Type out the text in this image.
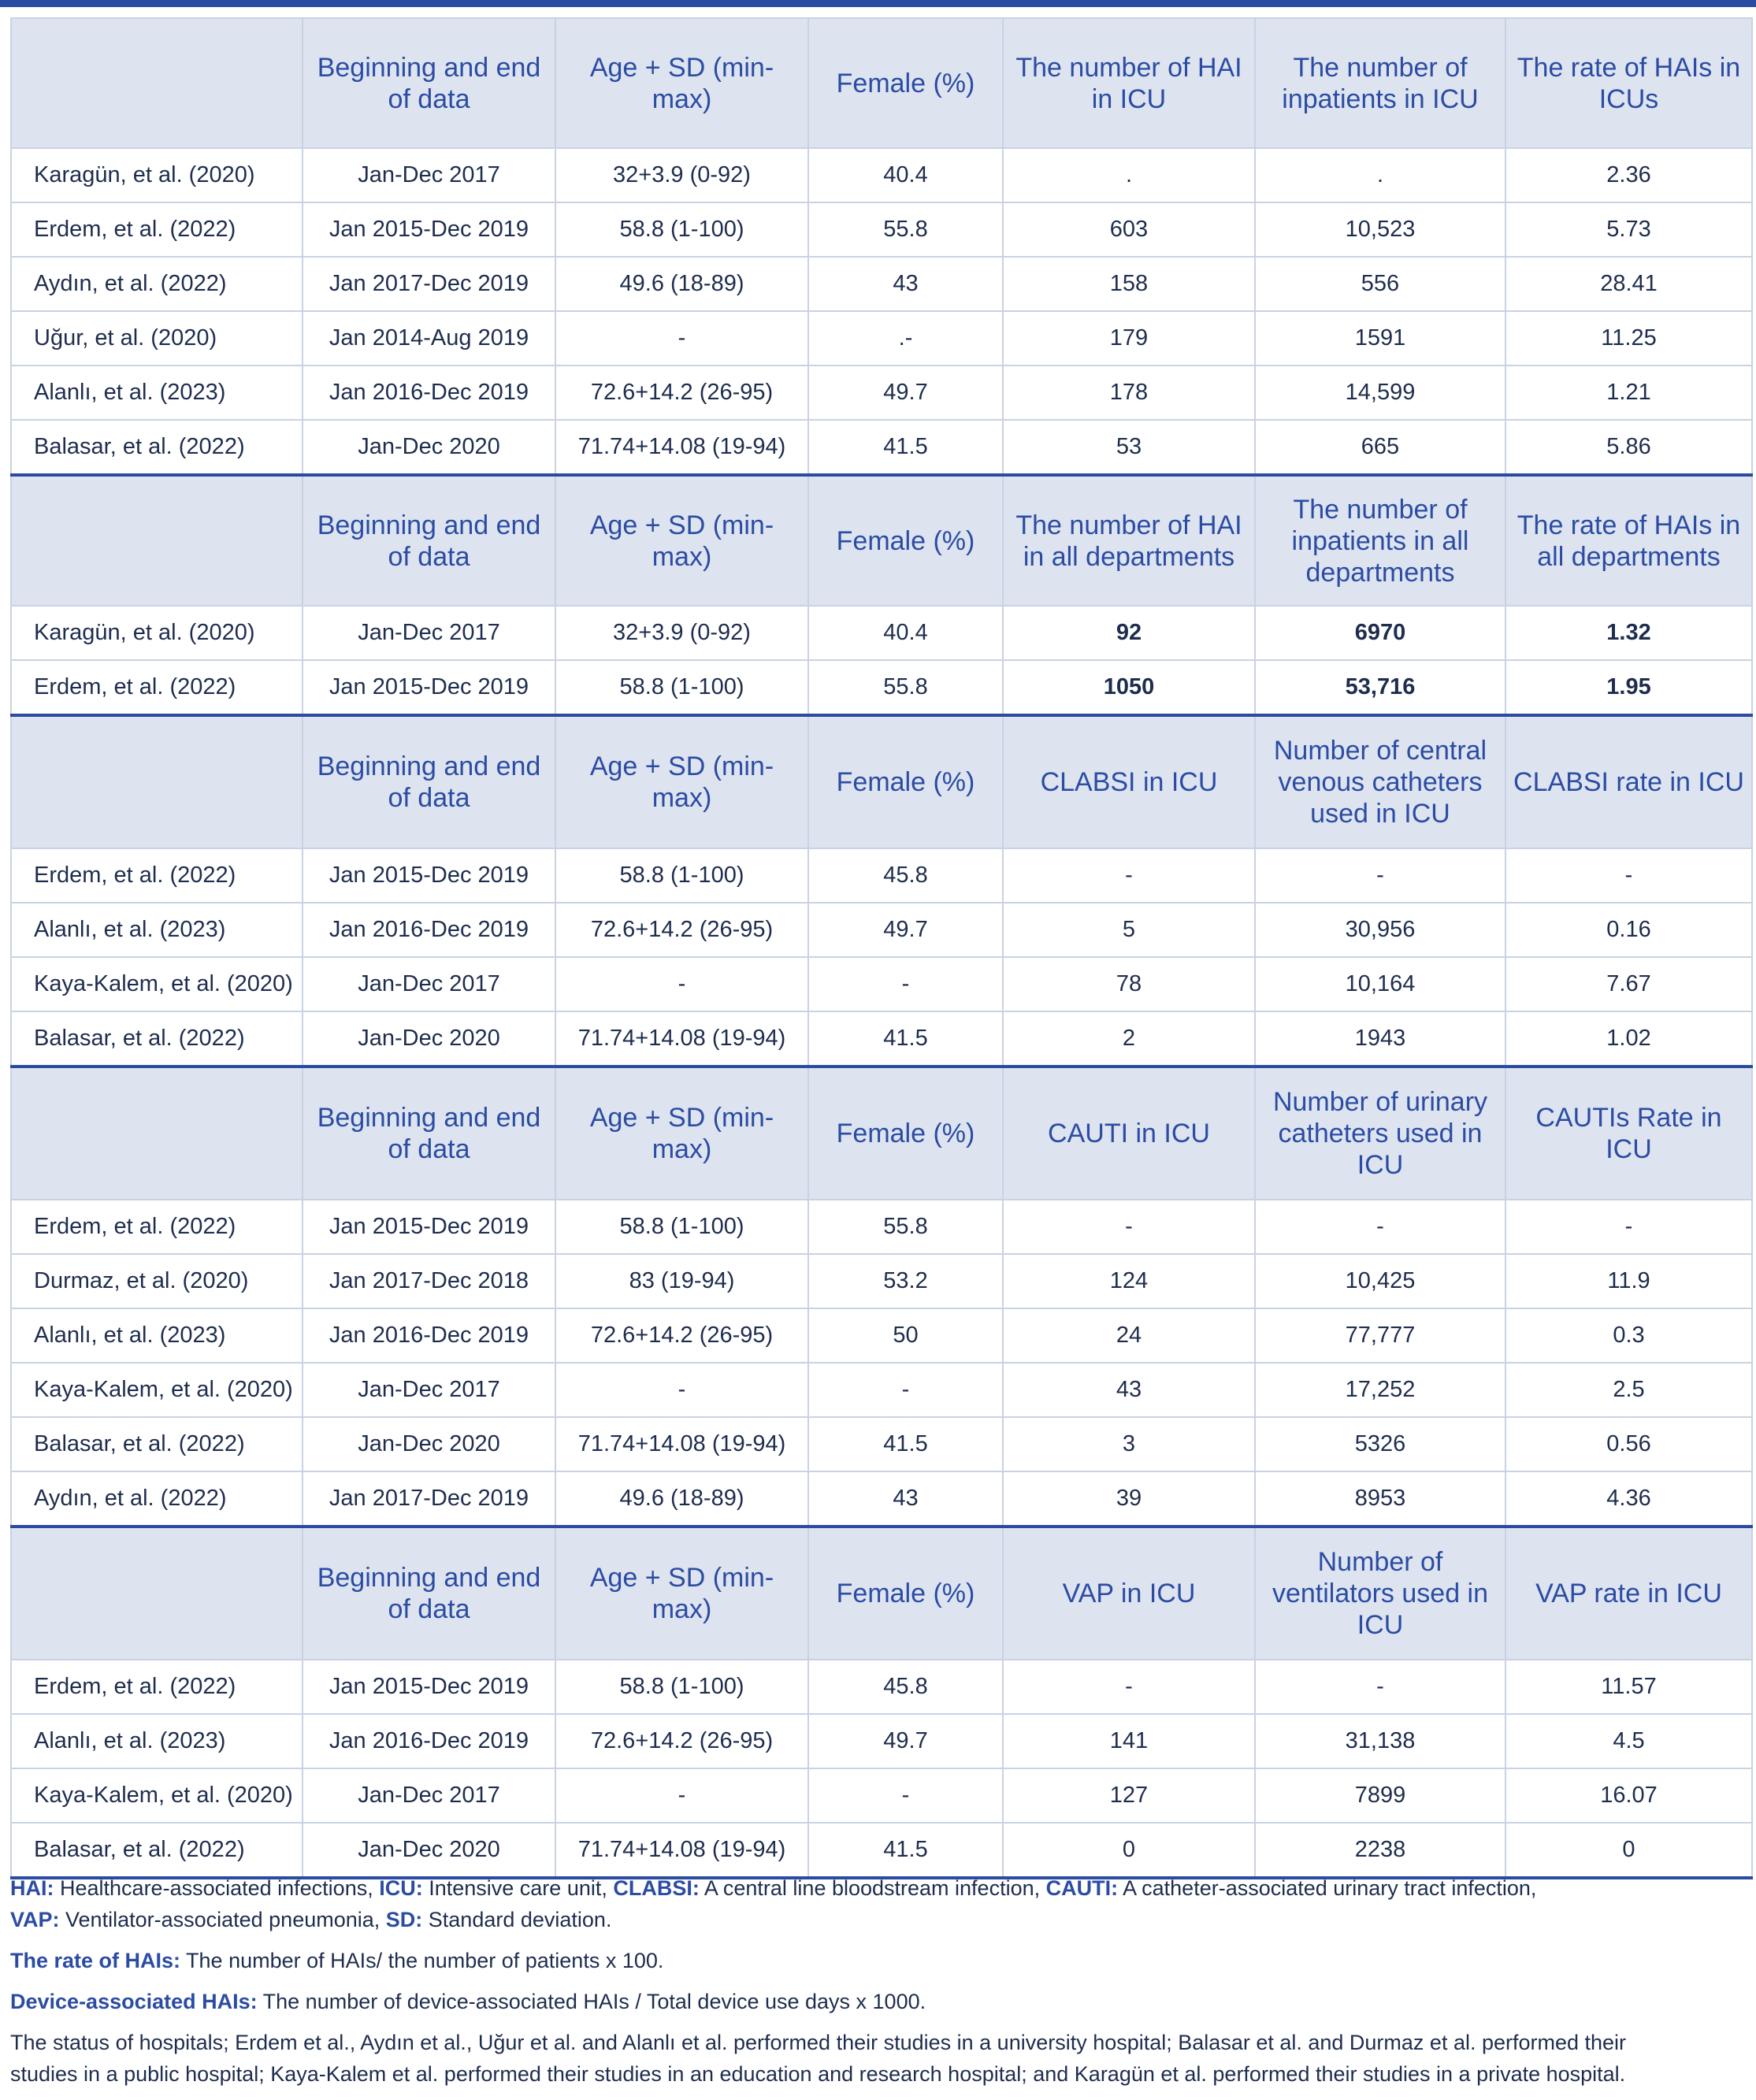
	Beginning and end of data	Age + SD (min-max)	Female (%)	The number of HAI in ICU	The number of inpatients in ICU	The rate of HAIs in ICUs
Karagün, et al. (2020)	Jan-Dec 2017	32+3.9 (0-92)	40.4	.	.	2.36
Erdem, et al. (2022)	Jan 2015-Dec 2019	58.8 (1-100)	55.8	603	10,523	5.73
Aydın, et al. (2022)	Jan 2017-Dec 2019	49.6 (18-89)	43	158	556	28.41
Uğur, et al. (2020)	Jan 2014-Aug 2019	-	.-	179	1591	11.25
Alanlı, et al. (2023)	Jan 2016-Dec 2019	72.6+14.2 (26-95)	49.7	178	14,599	1.21
Balasar, et al. (2022)	Jan-Dec 2020	71.74+14.08 (19-94)	41.5	53	665	5.86
	Beginning and end of data	Age + SD (min-max)	Female (%)	The number of HAI in all departments	The number of inpatients in all departments	The rate of HAIs in all departments
Karagün, et al. (2020)	Jan-Dec 2017	32+3.9 (0-92)	40.4	92	6970	1.32
Erdem, et al. (2022)	Jan 2015-Dec 2019	58.8 (1-100)	55.8	1050	53,716	1.95
	Beginning and end of data	Age + SD (min-max)	Female (%)	CLABSI in ICU	Number of central venous catheters used in ICU	CLABSI rate in ICU
Erdem, et al. (2022)	Jan 2015-Dec 2019	58.8 (1-100)	45.8	-	-	-
Alanlı, et al. (2023)	Jan 2016-Dec 2019	72.6+14.2 (26-95)	49.7	5	30,956	0.16
Kaya-Kalem, et al. (2020)	Jan-Dec 2017	-	-	78	10,164	7.67
Balasar, et al. (2022)	Jan-Dec 2020	71.74+14.08 (19-94)	41.5	2	1943	1.02
	Beginning and end of data	Age + SD (min-max)	Female (%)	CAUTI in ICU	Number of urinary catheters used in ICU	CAUTIs Rate in ICU
Erdem, et al. (2022)	Jan 2015-Dec 2019	58.8 (1-100)	55.8	-	-	-
Durmaz, et al. (2020)	Jan 2017-Dec 2018	83 (19-94)	53.2	124	10,425	11.9
Alanlı, et al. (2023)	Jan 2016-Dec 2019	72.6+14.2 (26-95)	50	24	77,777	0.3
Kaya-Kalem, et al. (2020)	Jan-Dec 2017	-	-	43	17,252	2.5
Balasar, et al. (2022)	Jan-Dec 2020	71.74+14.08 (19-94)	41.5	3	5326	0.56
Aydın, et al. (2022)	Jan 2017-Dec 2019	49.6 (18-89)	43	39	8953	4.36
	Beginning and end of data	Age + SD (min-max)	Female (%)	VAP in ICU	Number of ventilators used in ICU	VAP rate in ICU
Erdem, et al. (2022)	Jan 2015-Dec 2019	58.8 (1-100)	45.8	-	-	11.57
Alanlı, et al. (2023)	Jan 2016-Dec 2019	72.6+14.2 (26-95)	49.7	141	31,138	4.5
Kaya-Kalem, et al. (2020)	Jan-Dec 2017	-	-	127	7899	16.07
Balasar, et al. (2022)	Jan-Dec 2020	71.74+14.08 (19-94)	41.5	0	2238	0

HAI: Healthcare-associated infections, ICU: Intensive care unit, CLABSI: A central line bloodstream infection, CAUTI: A catheter-associated urinary tract infection,
VAP: Ventilator-associated pneumonia, SD: Standard deviation.

The rate of HAIs: The number of HAIs/ the number of patients x 100.

Device-associated HAIs: The number of device-associated HAIs / Total device use days x 1000.

The status of hospitals; Erdem et al., Aydın et al., Uğur et al. and Alanlı et al. performed their studies in a university hospital; Balasar et al. and Durmaz et al. performed their
studies in a public hospital; Kaya-Kalem et al. performed their studies in an education and research hospital; and Karagün et al. performed their studies in a private hospital.
